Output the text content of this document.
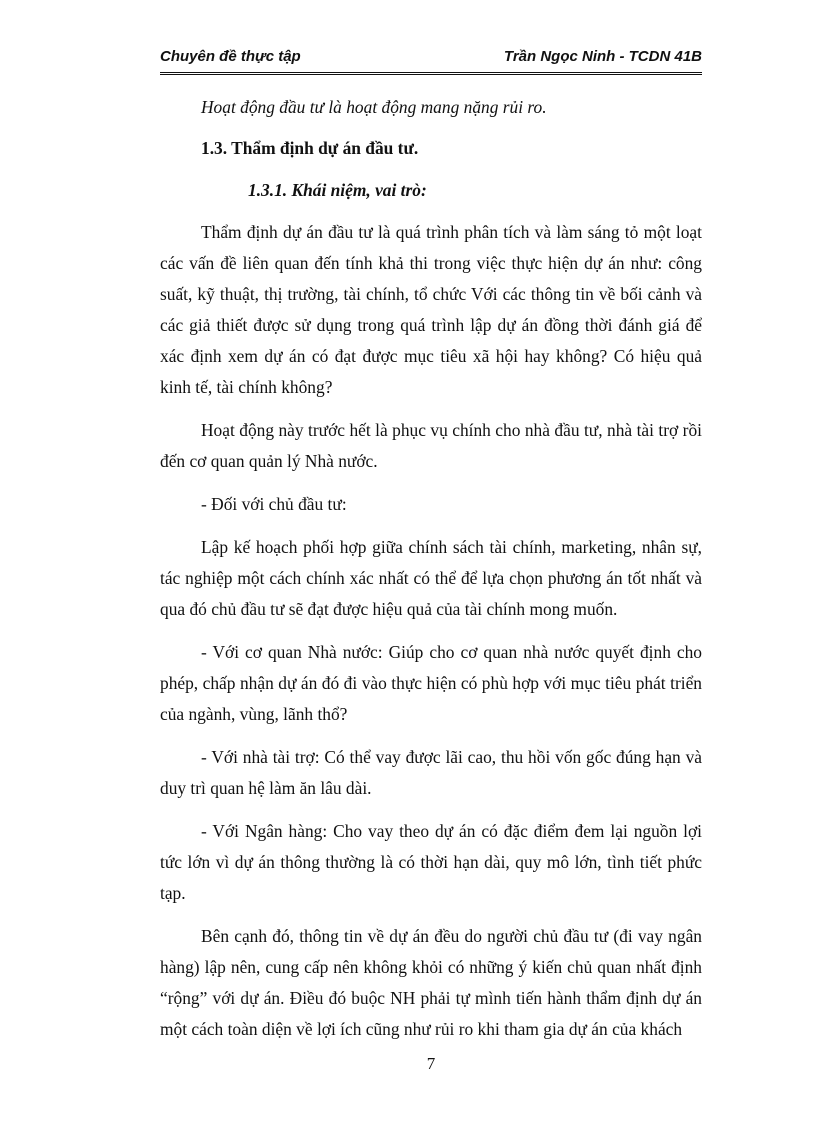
Chuyên đề thực tập	Trần Ngọc Ninh - TCDN 41B

Hoạt động đầu tư là hoạt động mang nặng rủi ro.

1.3. Thẩm định dự án đầu tư.

1.3.1. Khái niệm, vai trò:

Thẩm định dự án đầu tư là quá trình phân tích và làm sáng tỏ một loạt các vấn đề liên quan đến tính khả thi trong việc thực hiện dự án như: công suất, kỹ thuật, thị trường, tài chính, tổ chức Với các thông tin về bối cảnh và các giả thiết được sử dụng trong quá trình lập dự án đồng thời đánh giá để xác định xem dự án có đạt được mục tiêu xã hội hay không? Có hiệu quả kinh tế, tài chính không?

Hoạt động này trước hết là phục vụ chính cho nhà đầu tư, nhà tài trợ rồi đến cơ quan quản lý Nhà nước.

- Đối với chủ đầu tư:

Lập kế hoạch phối hợp giữa chính sách tài chính, marketing, nhân sự, tác nghiệp một cách chính xác nhất có thể để lựa chọn phương án tốt nhất và qua đó chủ đầu tư sẽ đạt được hiệu quả của tài chính mong muốn.

- Với cơ quan Nhà nước: Giúp cho cơ quan nhà nước quyết định cho phép, chấp nhận dự án đó đi vào thực hiện có phù hợp với mục tiêu phát triển của ngành, vùng, lãnh thổ?

- Với nhà tài trợ: Có thể vay được lãi cao, thu hồi vốn gốc đúng hạn và duy trì quan hệ làm ăn lâu dài.

- Với Ngân hàng: Cho vay theo dự án có đặc điểm đem lại nguồn lợi tức lớn vì dự án thông thường là có thời hạn dài, quy mô lớn, tình tiết phức tạp.

Bên cạnh đó, thông tin về dự án đều do người chủ đầu tư (đi vay ngân hàng) lập nên, cung cấp nên không khỏi có những ý kiến chủ quan nhất định “rộng” với dự án. Điều đó buộc NH phải tự mình tiến hành thẩm định dự án một cách toàn diện về lợi ích cũng như rủi ro khi tham gia dự án của khách

7
